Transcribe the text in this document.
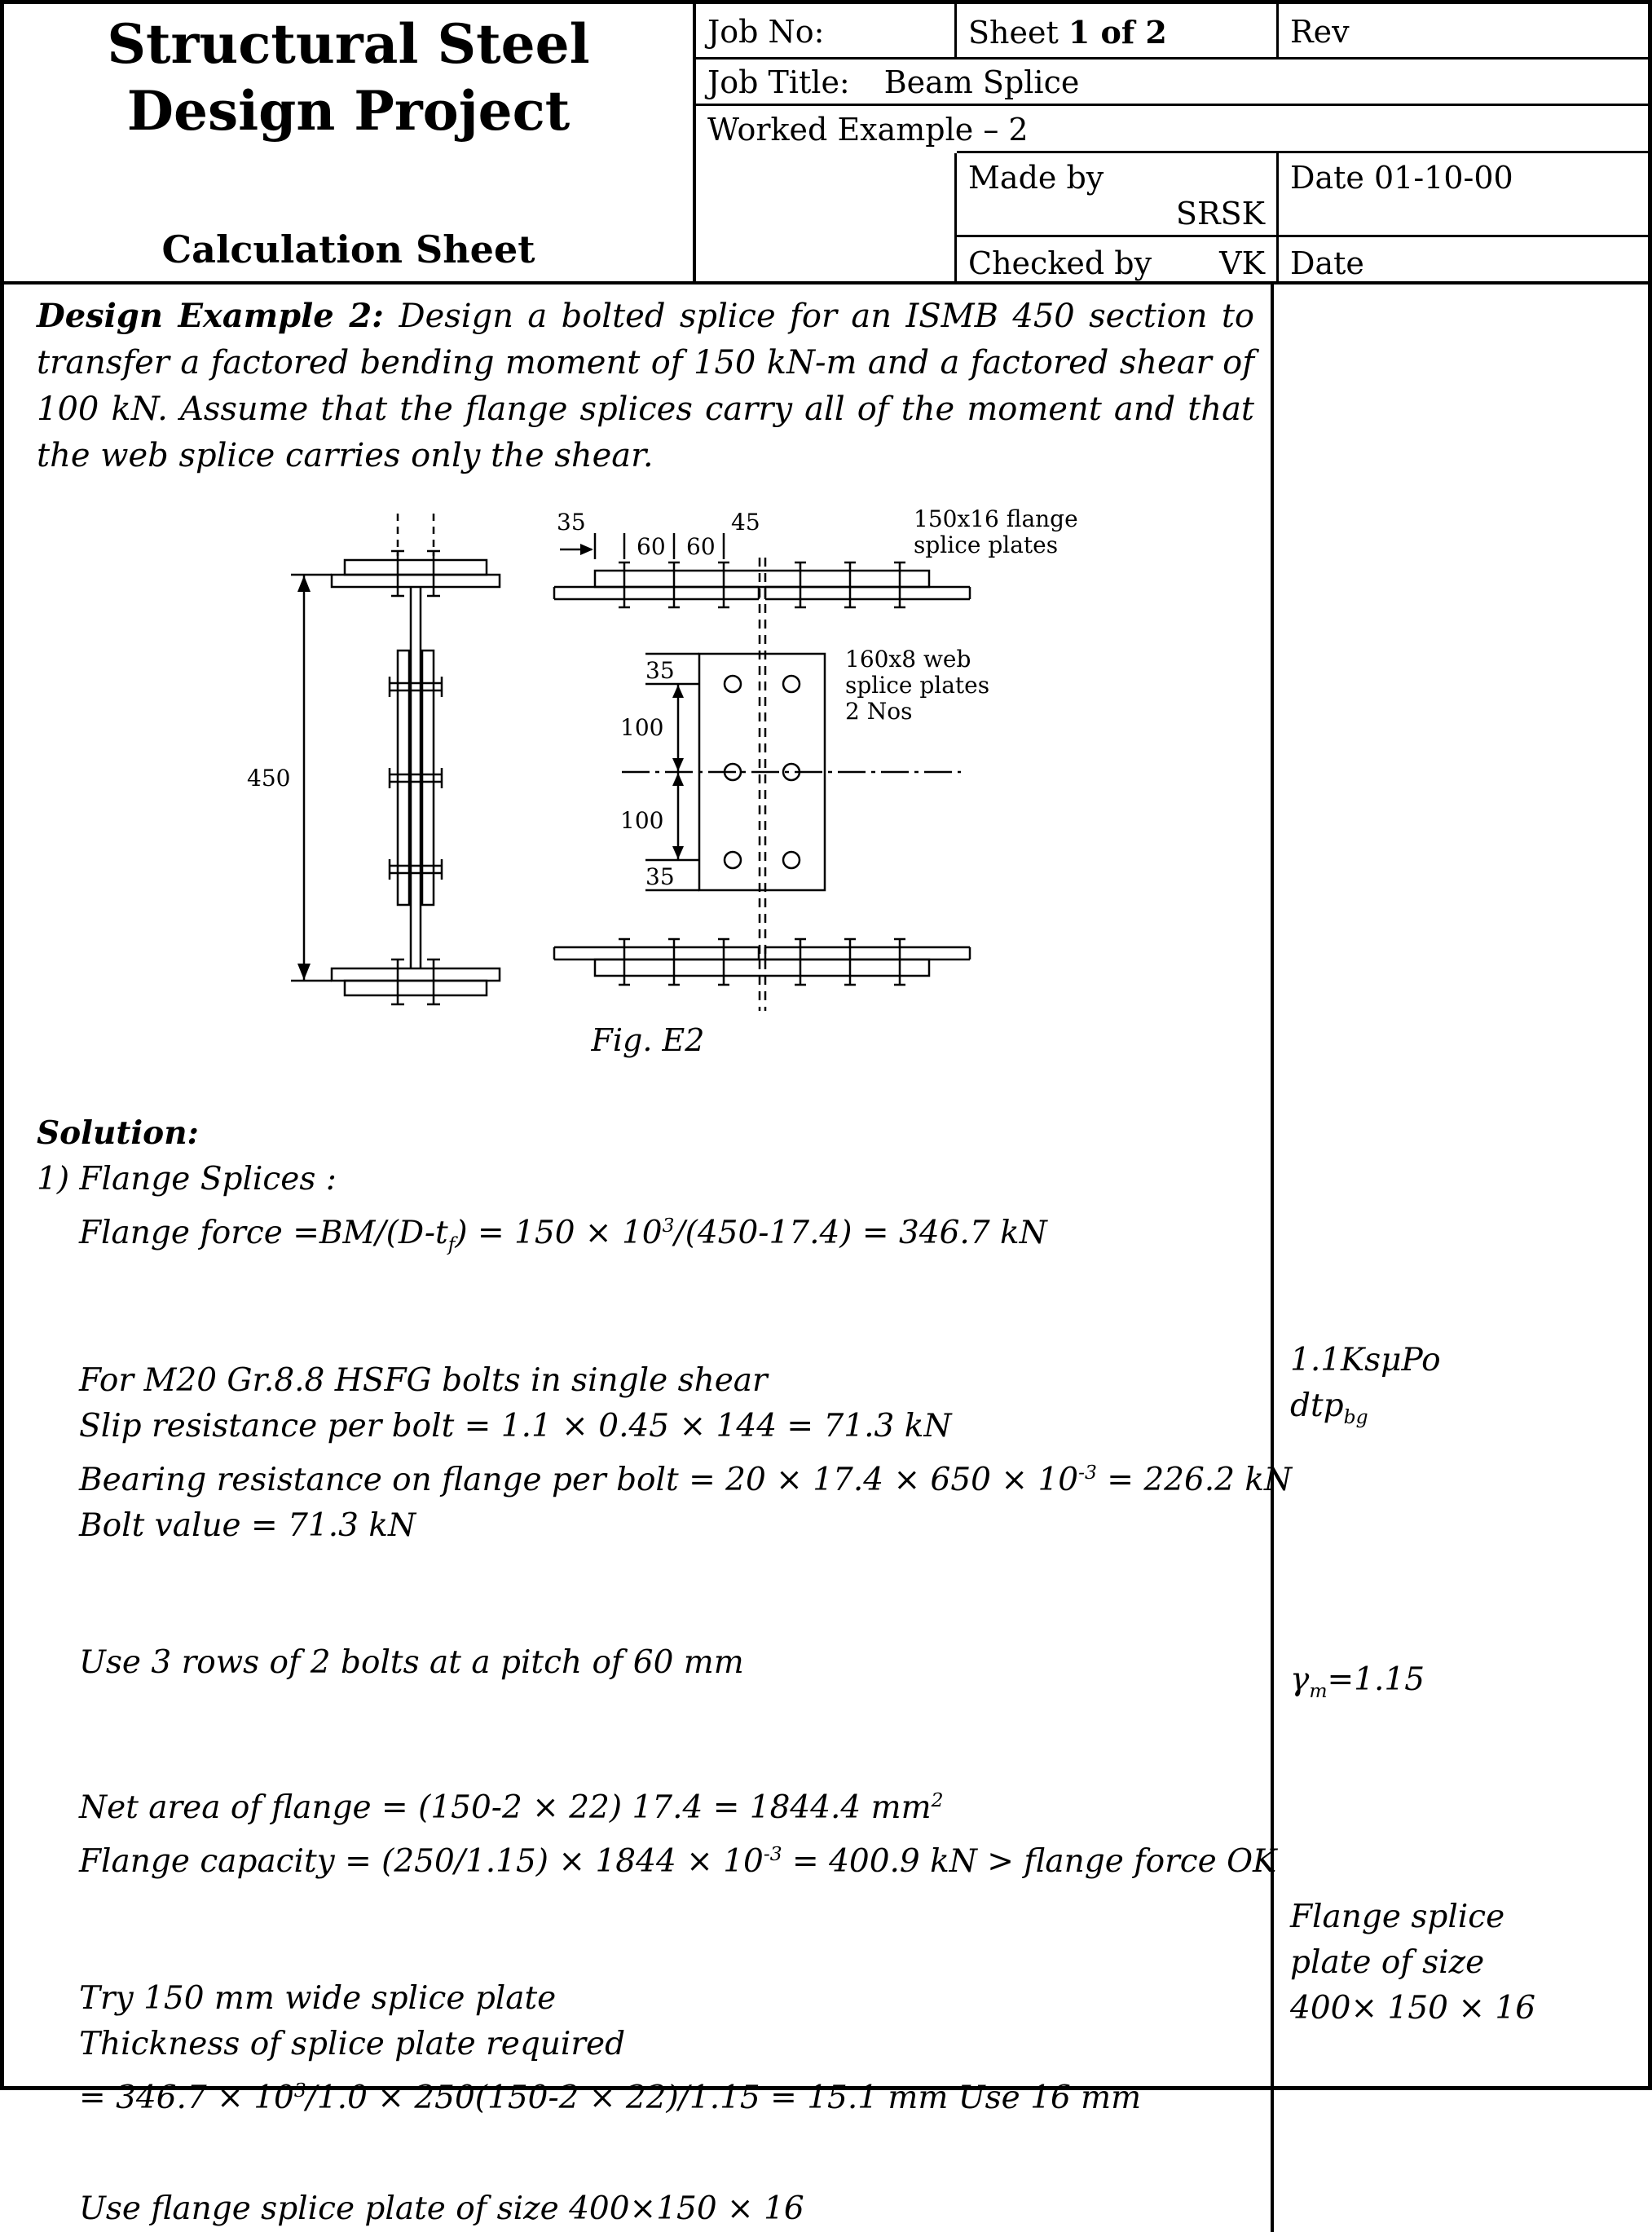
Structural Steel
Design Project
Calculation Sheet
Job No:	Sheet 1 of 2	Rev
Job Title: Beam Splice
Worked Example – 2
Made by
SRSK
Checked by VK
Date 01-10-00
Date

Design Example 2: Design a bolted splice for an ISMB 450 section to transfer a factored bending moment of 150 kN-m and a factored shear of 100 kN. Assume that the flange splices carry all of the moment and that the web splice carries only the shear.

450
35
60 60
45	150x16 flange
splice plates
35
100
100
35
160x8 web
splice plates
2 Nos
Fig. E2
Solution:
1) Flange Splices :
Flange force $=BM/(D-t_f) = 150 \times 10^3/(450-17.4) = 346.7$ kN
For M20 Gr.8.8 HSFG bolts in single shear
Slip resistance per bolt = 1.1 × 0.45 × 144 = 71.3 kN
Bearing resistance on flange per bolt = $20 \times 17.4 \times 650 \times 10^{-3} = 226.2$ kN
Bolt value = 71.3 kN
Use 3 rows of 2 bolts at a pitch of 60 mm
Net area of flange = (150-2 × 22) 17.4 = 1844.4 $mm^2$
Flange capacity = $(250/1.15) \times 1844 \times 10^{-3} = 400.9$ kN > flange force OK
Try 150 mm wide splice plate
Thickness of splice plate required
= $346.7 \times 10^3/1.0 \times 250(150-2 \times 22)/1.15 = 15.1$ mm Use 16 mm
Use flange splice plate of size 400×150 × 16
1.1KsμPo
dtp$_{bg}$
$\gamma_m=1.15$
Flange splice plate of size 400× 150 × 16
